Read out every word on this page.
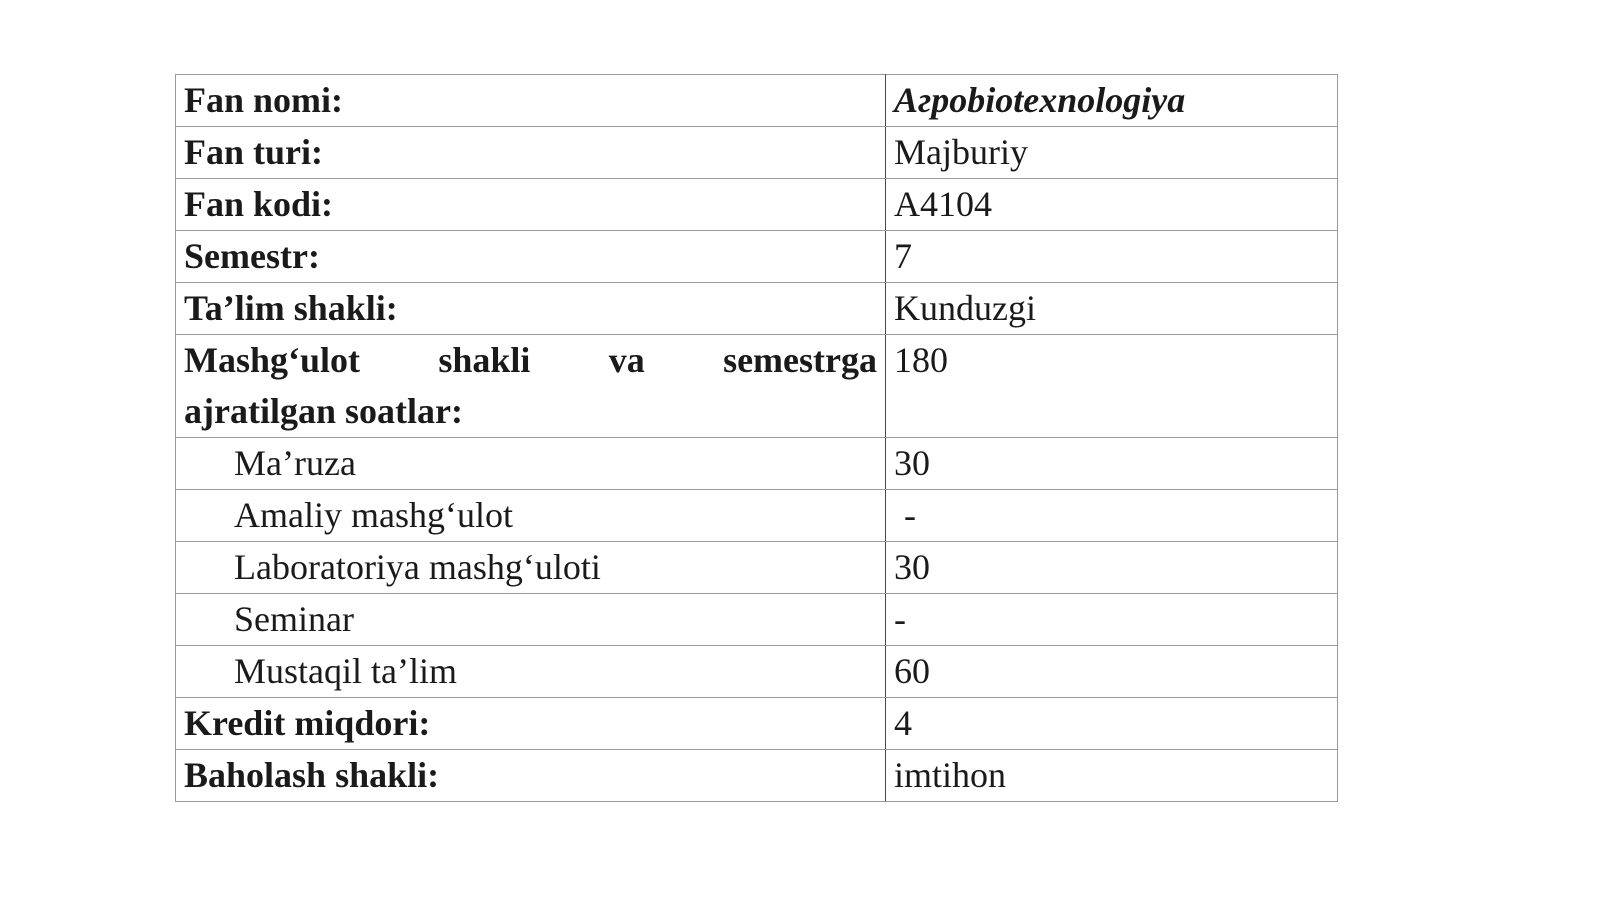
Fan nomi:	Aгpobiotexnologiya
Fan turi:	Majburiy
Fan kodi:	A4104
Semestr:	7
Ta’lim shakli:	Kunduzgi

Mashg‘ulot shakli va semestrga
ajratilgan soatlar:	180
Ma’ruza	30
Amaliy mashg‘ulot	-
Laboratoriya mashg‘uloti	30
Seminar	-
Mustaqil ta’lim	60
Kredit miqdori:	4
Baholash shakli:	imtihon
